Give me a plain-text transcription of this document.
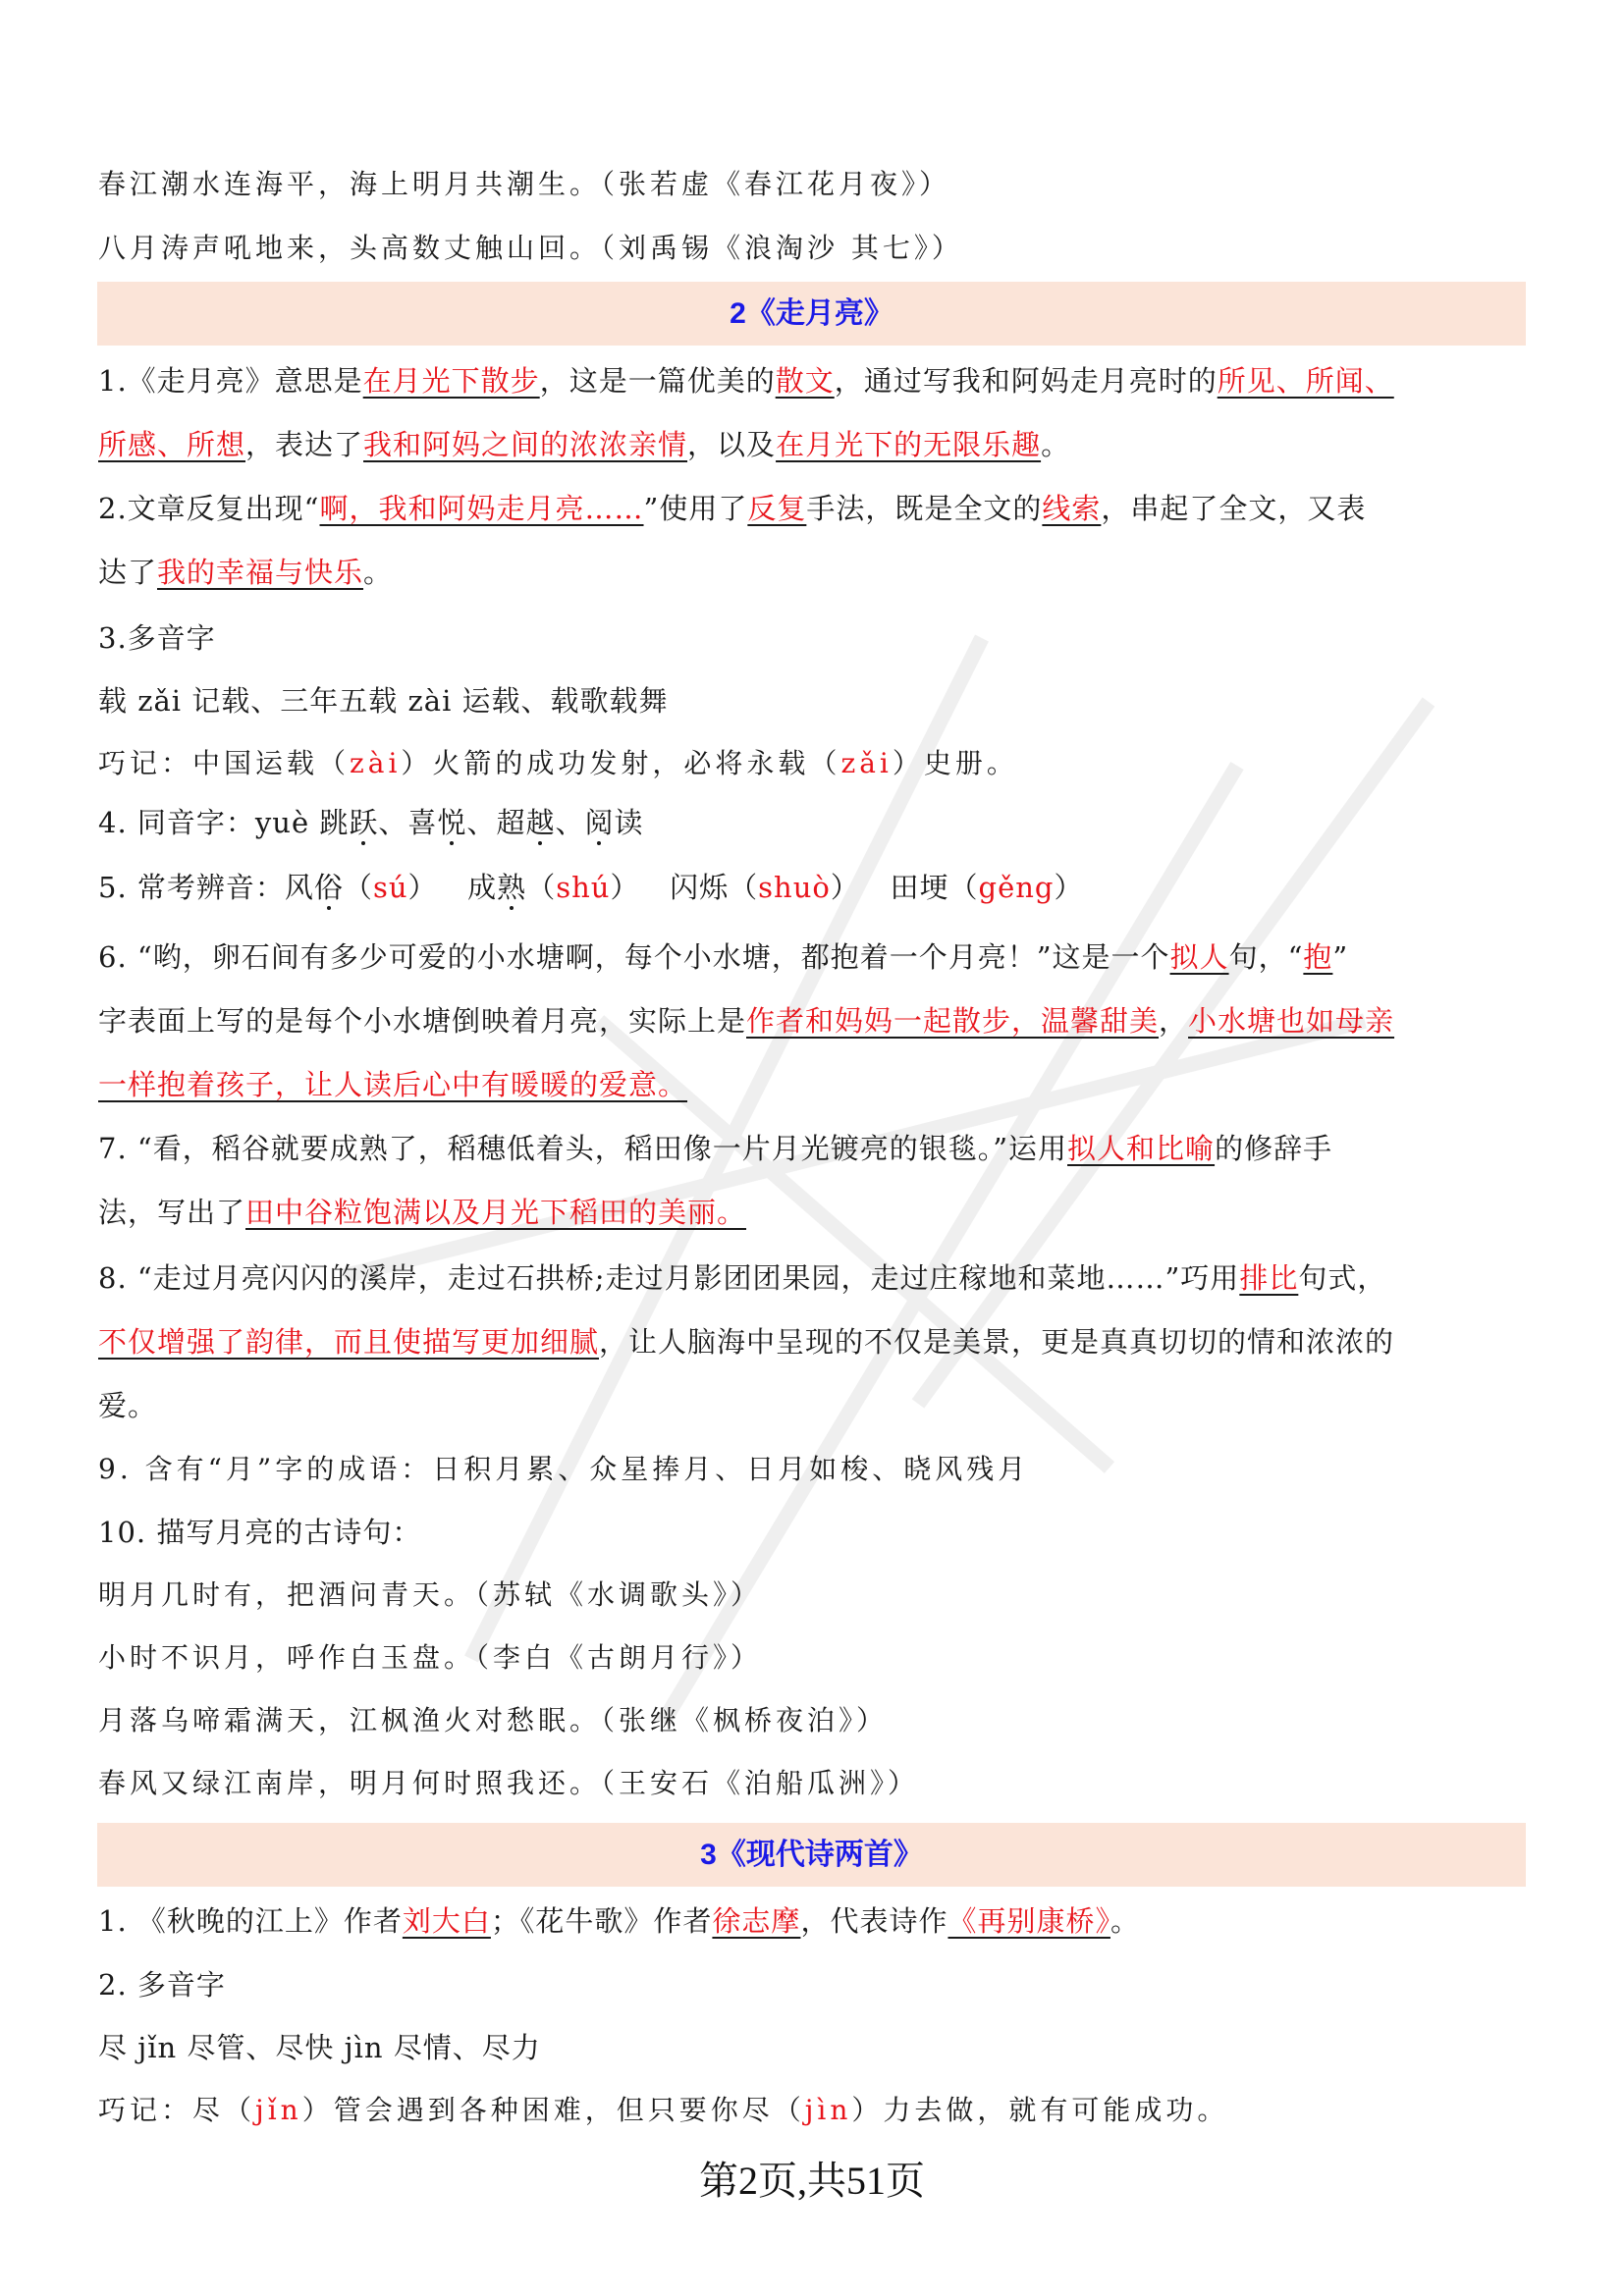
春江潮水连海平，海上明月共潮生。（张若虚《春江花月夜》）
八月涛声吼地来，头高数丈触山回。（刘禹锡《浪淘沙 其七》）
2《走月亮》
1.《走月亮》意思是在月光下散步，这是一篇优美的散文，通过写我和阿妈走月亮时的所见、所闻、
所感、所想，表达了我和阿妈之间的浓浓亲情，以及在月光下的无限乐趣。
2.文章反复出现“啊，我和阿妈走月亮……”使用了反复手法，既是全文的线索，串起了全文，又表
达了我的幸福与快乐。
3.多音字
载 zǎi 记载、三年五载 zài 运载、载歌载舞
巧记：中国运载（zài）火箭的成功发射，必将永载（zǎi）史册。
4. 同音字：yuè 跳跃、喜悦、超越、阅读
5. 常考辨音：风俗（sú）   成熟（shú）   闪烁（shuò）   田埂（gěng）
6. “哟，卵石间有多少可爱的小水塘啊，每个小水塘，都抱着一个月亮！”这是一个拟人句，“抱”
字表面上写的是每个小水塘倒映着月亮，实际上是作者和妈妈一起散步，温馨甜美，小水塘也如母亲
一样抱着孩子，让人读后心中有暖暖的爱意。
7. “看，稻谷就要成熟了，稻穗低着头，稻田像一片月光镀亮的银毯。”运用拟人和比喻的修辞手
法，写出了田中谷粒饱满以及月光下稻田的美丽。
8. “走过月亮闪闪的溪岸，走过石拱桥;走过月影团团果园，走过庄稼地和菜地……”巧用排比句式，
不仅增强了韵律，而且使描写更加细腻，让人脑海中呈现的不仅是美景，更是真真切切的情和浓浓的
爱。
9. 含有“月”字的成语：日积月累、众星捧月、日月如梭、晓风残月
10. 描写月亮的古诗句：
明月几时有，把酒问青天。（苏轼《水调歌头》）
小时不识月，呼作白玉盘。（李白《古朗月行》）
月落乌啼霜满天，江枫渔火对愁眠。（张继《枫桥夜泊》）
春风又绿江南岸，明月何时照我还。（王安石《泊船瓜洲》）
3《现代诗两首》
1. 《秋晚的江上》作者刘大白；《花牛歌》作者徐志摩，代表诗作《再别康桥》。
2. 多音字
尽 jǐn 尽管、尽快 jìn 尽情、尽力
巧记：尽（jǐn）管会遇到各种困难，但只要你尽（jìn）力去做，就有可能成功。
第2页,共51页
